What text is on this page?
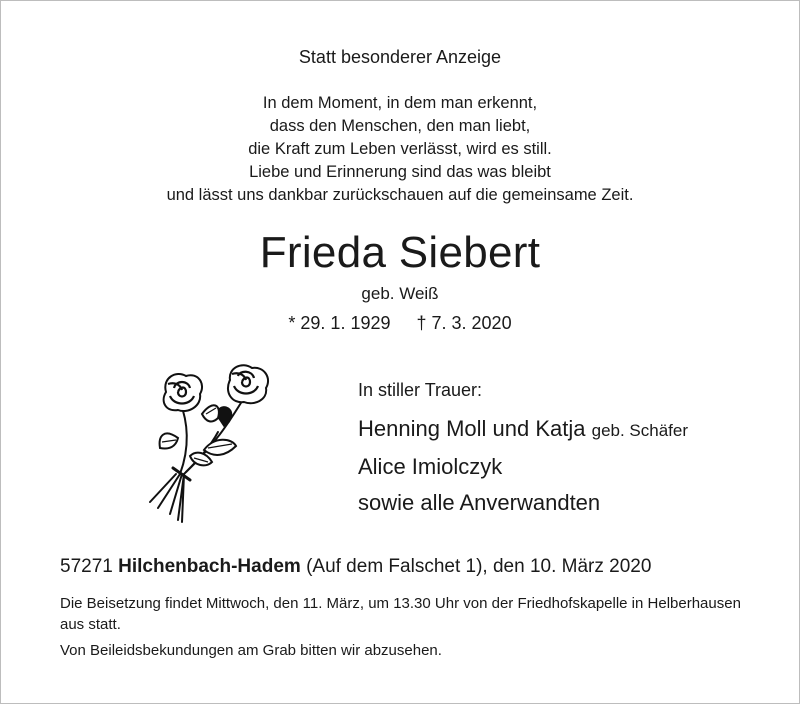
Statt besonderer Anzeige
In dem Moment, in dem man erkennt,
dass den Menschen, den man liebt,
die Kraft zum Leben verlässt, wird es still.
Liebe und Erinnerung sind das was bleibt
und lässt uns dankbar zurückschauen auf die gemeinsame Zeit.
Frieda Siebert
geb. Weiß
* 29. 1. 1929 † 7. 3. 2020
In stiller Trauer:
Henning Moll und Katja geb. Schäfer
Alice Imiolczyk
sowie alle Anverwandten
57271 Hilchenbach-Hadem (Auf dem Falschet 1), den 10. März 2020

Die Beisetzung findet Mittwoch, den 11. März, um 13.30 Uhr von der Friedhofskapelle in Helberhausen aus statt.

Von Beileidsbekundungen am Grab bitten wir abzusehen.
